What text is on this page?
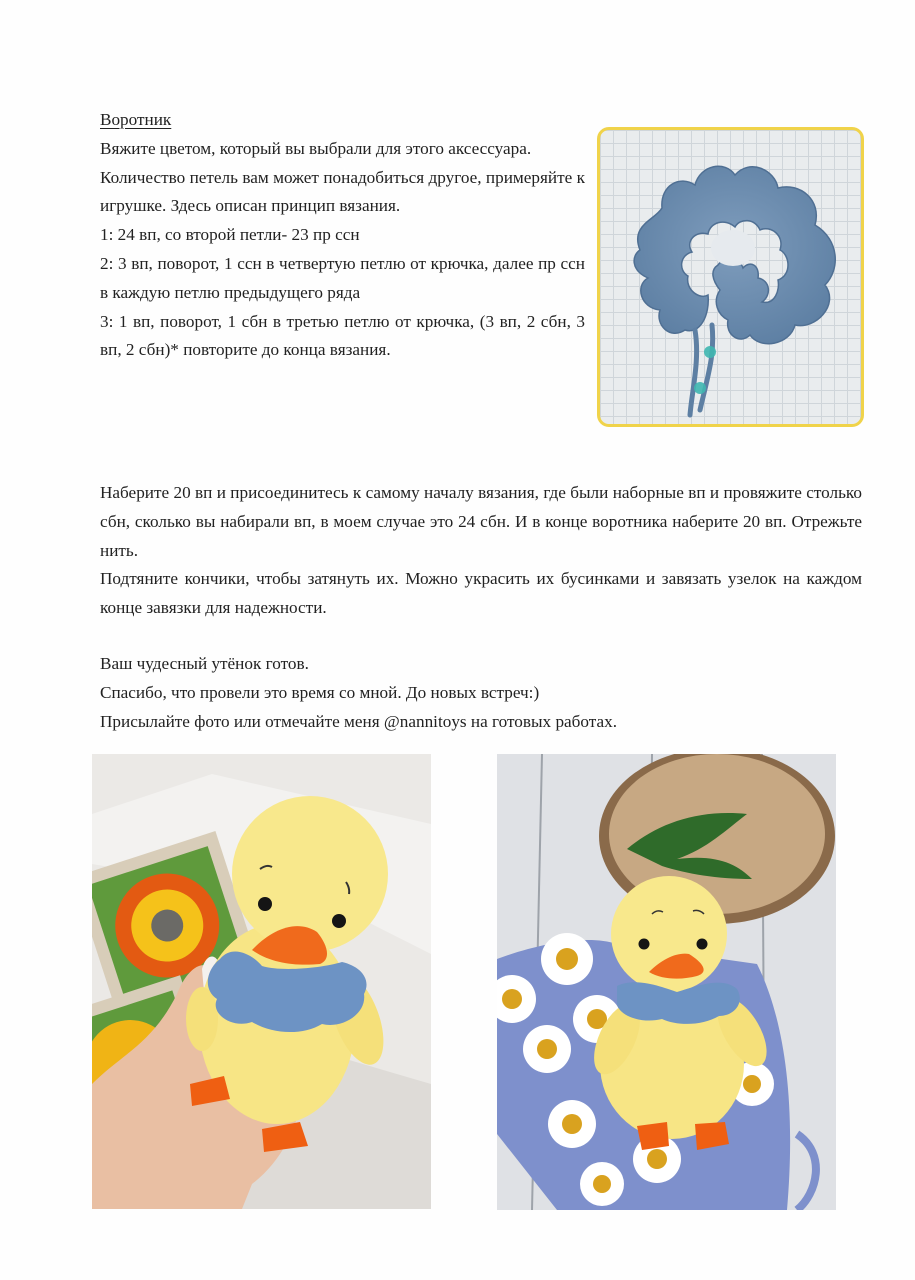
Воротник
Вяжите цветом, который вы выбрали для этого аксессуара.
Количество петель вам может понадобиться другое, примеряйте к игрушке. Здесь описан принцип вязания.
1: 24 вп, со второй петли- 23 пр ссн
2: 3 вп, поворот, 1 ссн в четвертую петлю от крючка, далее пр ссн в каждую петлю предыдущего ряда
3: 1 вп, поворот, 1 сбн в третью петлю от крючка, (3 вп, 2 сбн, 3 вп, 2 сбн)* повторите до конца вязания.
Наберите 20 вп и присоединитесь к самому началу вязания, где были наборные вп и провяжите столько сбн, сколько вы набирали вп, в моем случае это 24 сбн. И в конце воротника наберите 20 вп. Отрежьте нить.
Подтяните кончики, чтобы затянуть их. Можно украсить их бусинками и завязать узелок на каждом конце завязки для надежности.
Ваш чудесный утёнок готов.
Спасибо, что провели это время со мной. До новых встреч:)
Присылайте фото или отмечайте меня @nannitoys на готовых работах.
